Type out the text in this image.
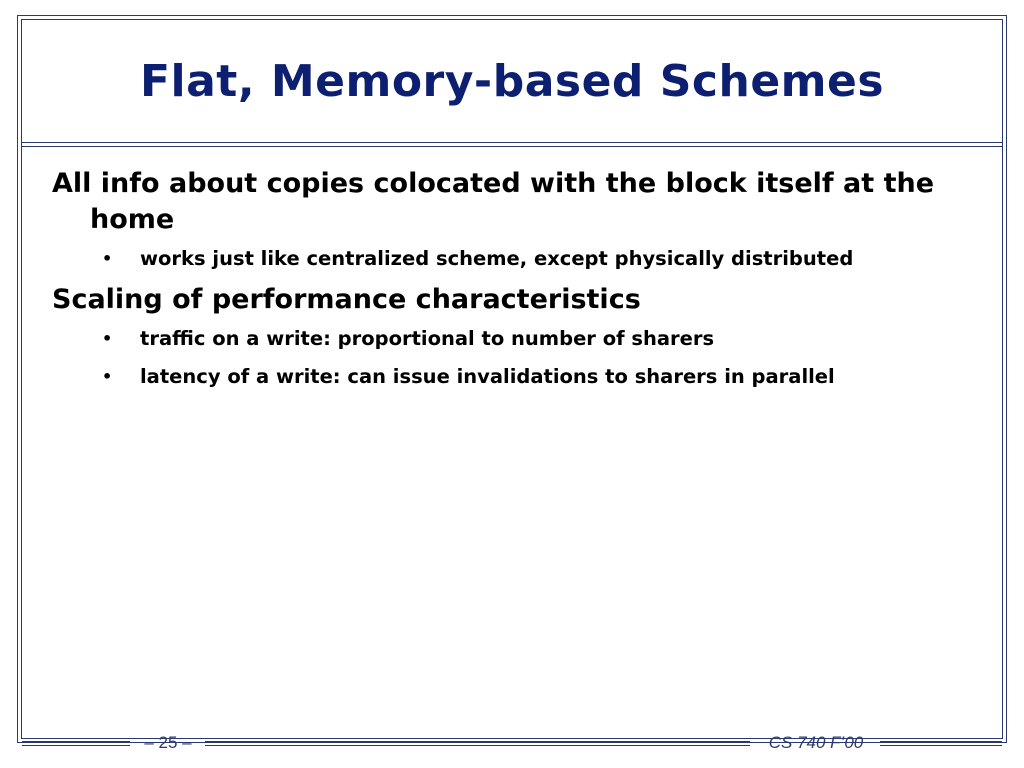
Flat, Memory-based Schemes

All info about copies colocated with the block itself at the home

• works just like centralized scheme, except physically distributed

Scaling of performance characteristics

• traffic on a write: proportional to number of sharers
• latency of a write: can issue invalidations to sharers in parallel
– 25 –	CS 740 F’00
